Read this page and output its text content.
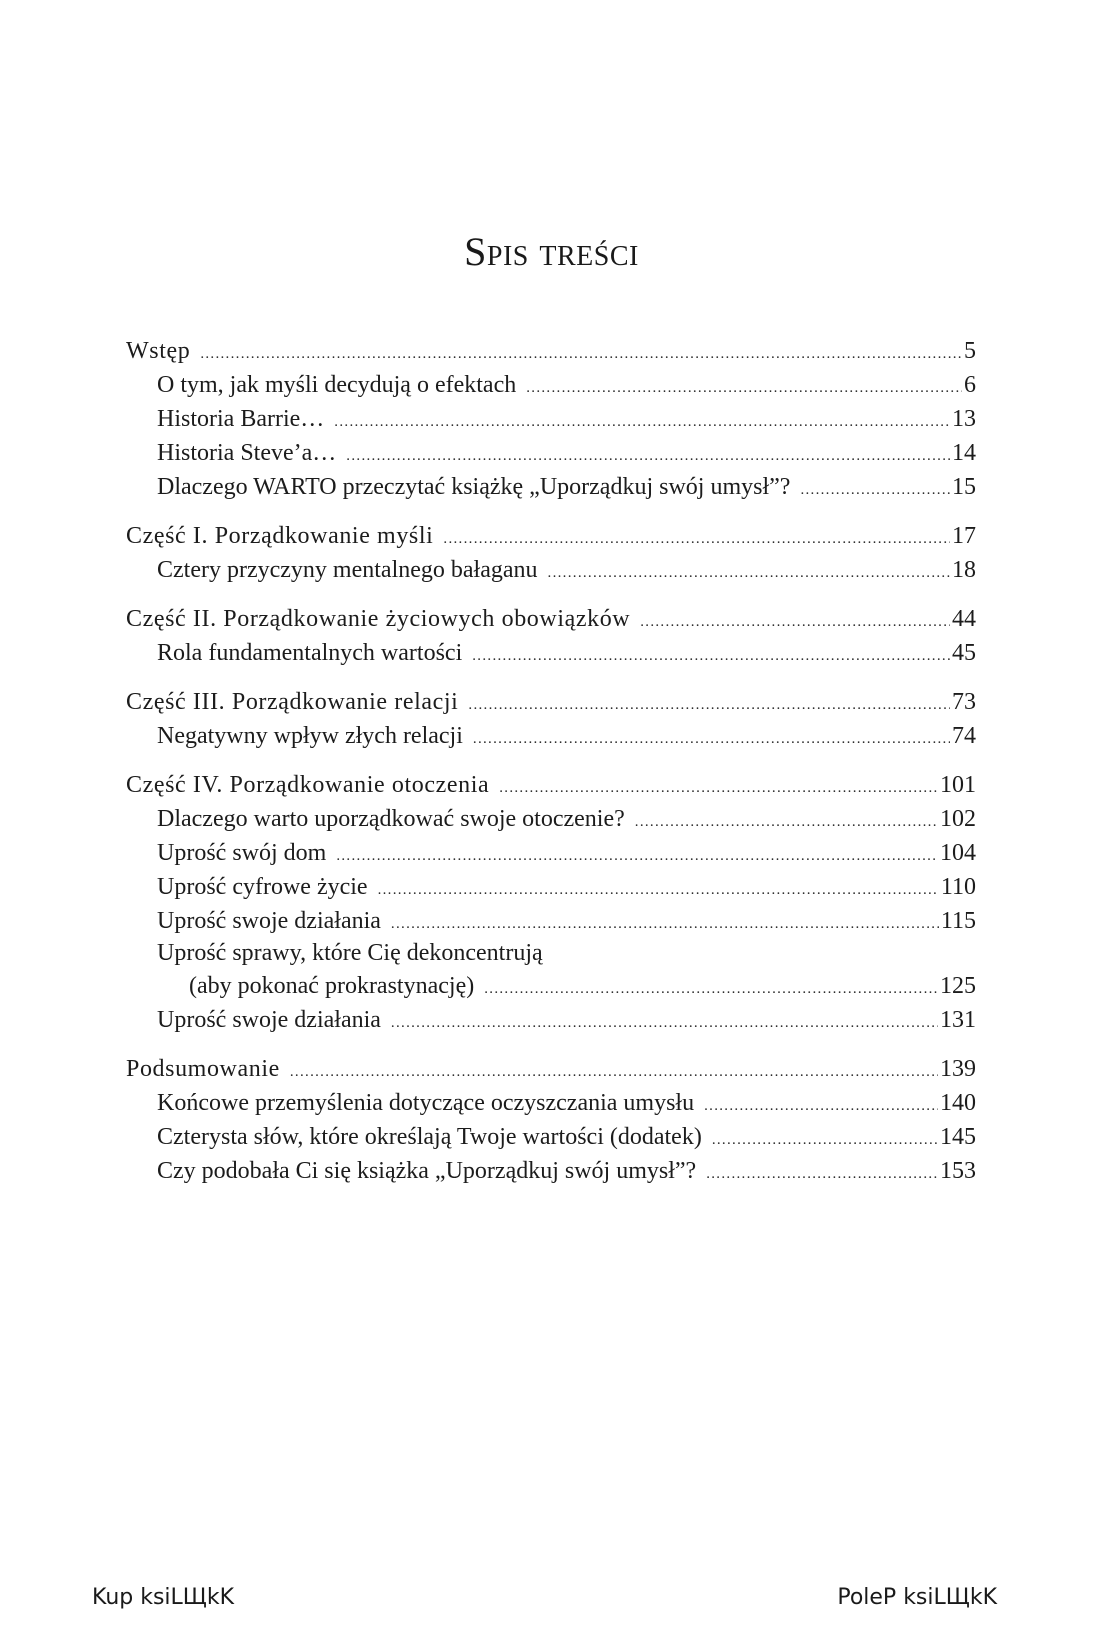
Spis treści
Wstęp .....	5
O tym, jak myśli decydują o efektach .....	6
Historia Barrie… .....	13
Historia Steve’a… .....	14
Dlaczego WARTO przeczytać książkę „Uporządkuj swój umysł”? .....	15
Część I. Porządkowanie myśli .....	17
Cztery przyczyny mentalnego bałaganu .....	18
Część II. Porządkowanie życiowych obowiązków .....	44
Rola fundamentalnych wartości .....	45
Część III. Porządkowanie relacji .....	73
Negatywny wpływ złych relacji .....	74
Część IV. Porządkowanie otoczenia .....	101
Dlaczego warto uporządkować swoje otoczenie? .....	102
Uprość swój dom .....	104
Uprość cyfrowe życie .....	110
Uprość swoje działania .....	115
Uprość sprawy, które Cię dekoncentrują
(aby pokonać prokrastynację) .....	125
Uprość swoje działania .....	131
Podsumowanie .....	139
Końcowe przemyślenia dotyczące oczyszczania umysłu .....	140
Czterysta słów, które określają Twoje wartości (dodatek) .....	145
Czy podobała Ci się książka „Uporządkuj swój umysł”? .....	153
Kup ksiLЩkK	PoleP ksiLЩkK
